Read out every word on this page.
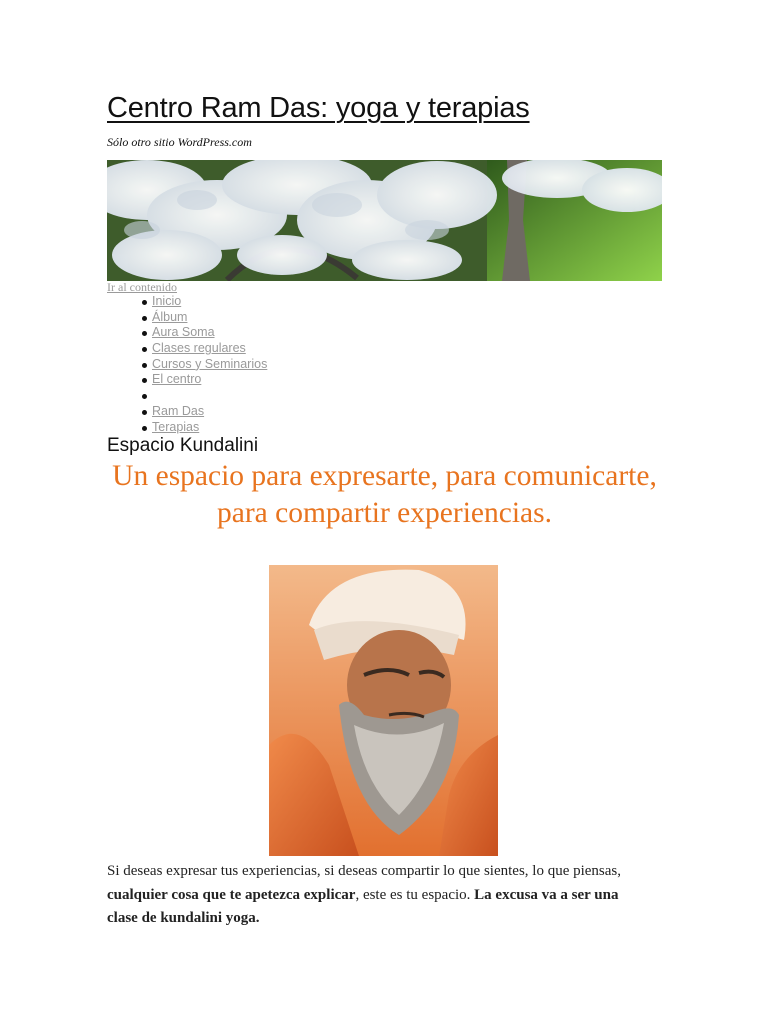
Centro Ram Das: yoga y terapias

Sólo otro sitio WordPress.com

Ir al contenido
Inicio
Álbum
Aura Soma
Clases regulares
Cursos y Seminarios
El centro
Ram Das
Terapias
Espacio Kundalini

Un espacio para expresarte, para comunicarte, para compartir experiencias.

Si deseas expresar tus experiencias, si deseas compartir lo que sientes, lo que piensas, cualquier cosa que te apetezca explicar, este es tu espacio. La excusa va a ser una clase de kundalini yoga.
